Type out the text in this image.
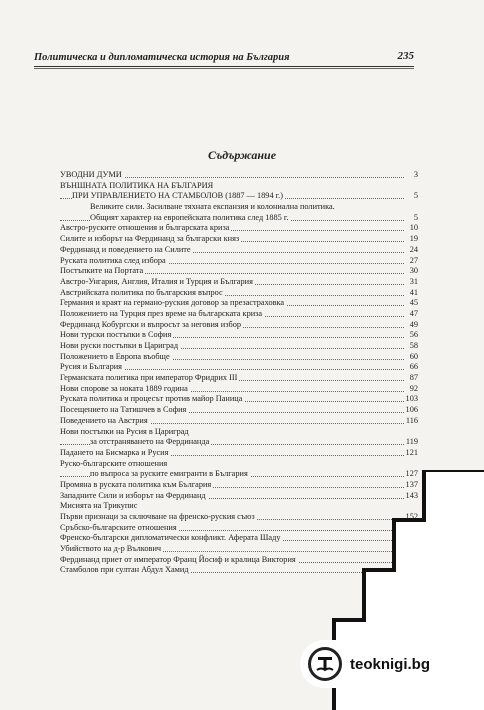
Политическа и дипломатическа история на България	235
Съдържание
УВОДНИ ДУМИ	3
ВЪНШНАТА ПОЛИТИКА НА БЪЛГАРИЯ
ПРИ УПРАВЛЕНИЕТО НА СТАМБОЛОВ (1887 — 1894 г.)	5
Великите сили. Засилване тяхната експанзия и колониална политика.
Общият характер на европейската политика след 1885 г.	5
Австро-руските отношения и българската криза	10
Силите и изборът на Фердинанд за български княз	19
Фердинанд и поведението на Силите	24
Руската политика след избора	27
Постъпките на Портата	30
Австро-Унгария, Англия, Италия и Турция и България	31
Австрийската политика по българския въпрос	41
Германия и краят на германо-руския договор за презастраховка	45
Положението на Турция през време на българската криза	47
Фердинанд Кобургски и въпросът за неговия избор	49
Нови турски постъпки в София	56
Нови руски постъпки в Цариград	58
Положението в Европа въобще	60
Русия и България	66
Германската политика при император Фридрих III	87
Нови спорове за ноката 1889 година	92
Руската политика и процесът против майор Паница	103
Посещението на Татишчев в София	106
Поведението на Австрия	116
Нови постъпки на Русия в Цариград
за отстраняването на Фердинанда	119
Падането на Бисмарка и Русия	121
Руско-българските отношения
по въпроса за руските емигранти в България	127
Промяна в руската политика към България	137
Западните Сили и изборът на Фердинанд	143
Мисията на Трикупис
Първи признаци за сключване на френско-руския съюз	152
Сръбско-българските отношения
Френско-български дипломатически конфликт. Аферата Шаду
Убийството на д-р Вълкович
Фердинанд приет от император Франц Йосиф и кралица Виктория
Стамболов при султан Абдул Хамид
teoknigi.bg
